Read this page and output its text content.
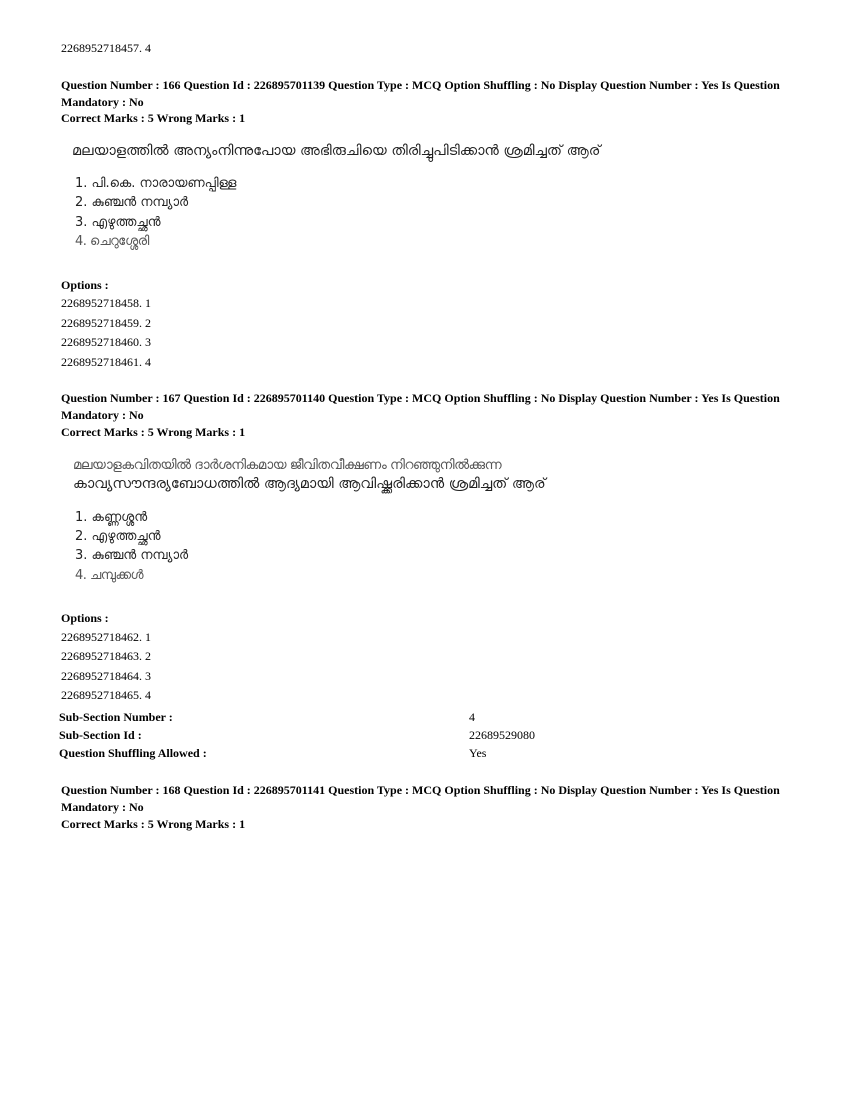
2268952718457. 4
Question Number : 166 Question Id : 226895701139 Question Type : MCQ Option Shuffling : No Display Question Number : Yes Is Question Mandatory : No
Correct Marks : 5 Wrong Marks : 1
മലയാളത്തിൽ അന്യംനിന്നുപോയ അഭിരുചിയെ തിരിച്ചുപിടിക്കാൻ ശ്രമിച്ചത് ആര്
1. പി.കെ. നാരായണപ്പിള്ള
2. കുഞ്ചൻ നമ്പ്യാർ
3. എഴുത്തച്ഛൻ
4. ചെറുശ്ശേരി
Options :
2268952718458. 1
2268952718459. 2
2268952718460. 3
2268952718461. 4
Question Number : 167 Question Id : 226895701140 Question Type : MCQ Option Shuffling : No Display Question Number : Yes Is Question Mandatory : No
Correct Marks : 5 Wrong Marks : 1
മലയാളകവിതയിൽ ദാർശനികമായ ജീവിതവീക്ഷണം നിറഞ്ഞുനിൽക്കുന്ന
കാവ്യസൗന്ദര്യബോധത്തിൽ ആദ്യമായി ആവിഷ്ക്കരിക്കാൻ ശ്രമിച്ചത് ആര്
1. കണ്ണശ്ശൻ
2. എഴുത്തച്ഛൻ
3. കുഞ്ചൻ നമ്പ്യാർ
4. ചമ്പുക്കൾ
Options :
2268952718462. 1
2268952718463. 2
2268952718464. 3
2268952718465. 4
Sub-Section Number :	4
Sub-Section Id :	22689529080
Question Shuffling Allowed :	Yes
Question Number : 168 Question Id : 226895701141 Question Type : MCQ Option Shuffling : No Display Question Number : Yes Is Question Mandatory : No
Correct Marks : 5 Wrong Marks : 1
